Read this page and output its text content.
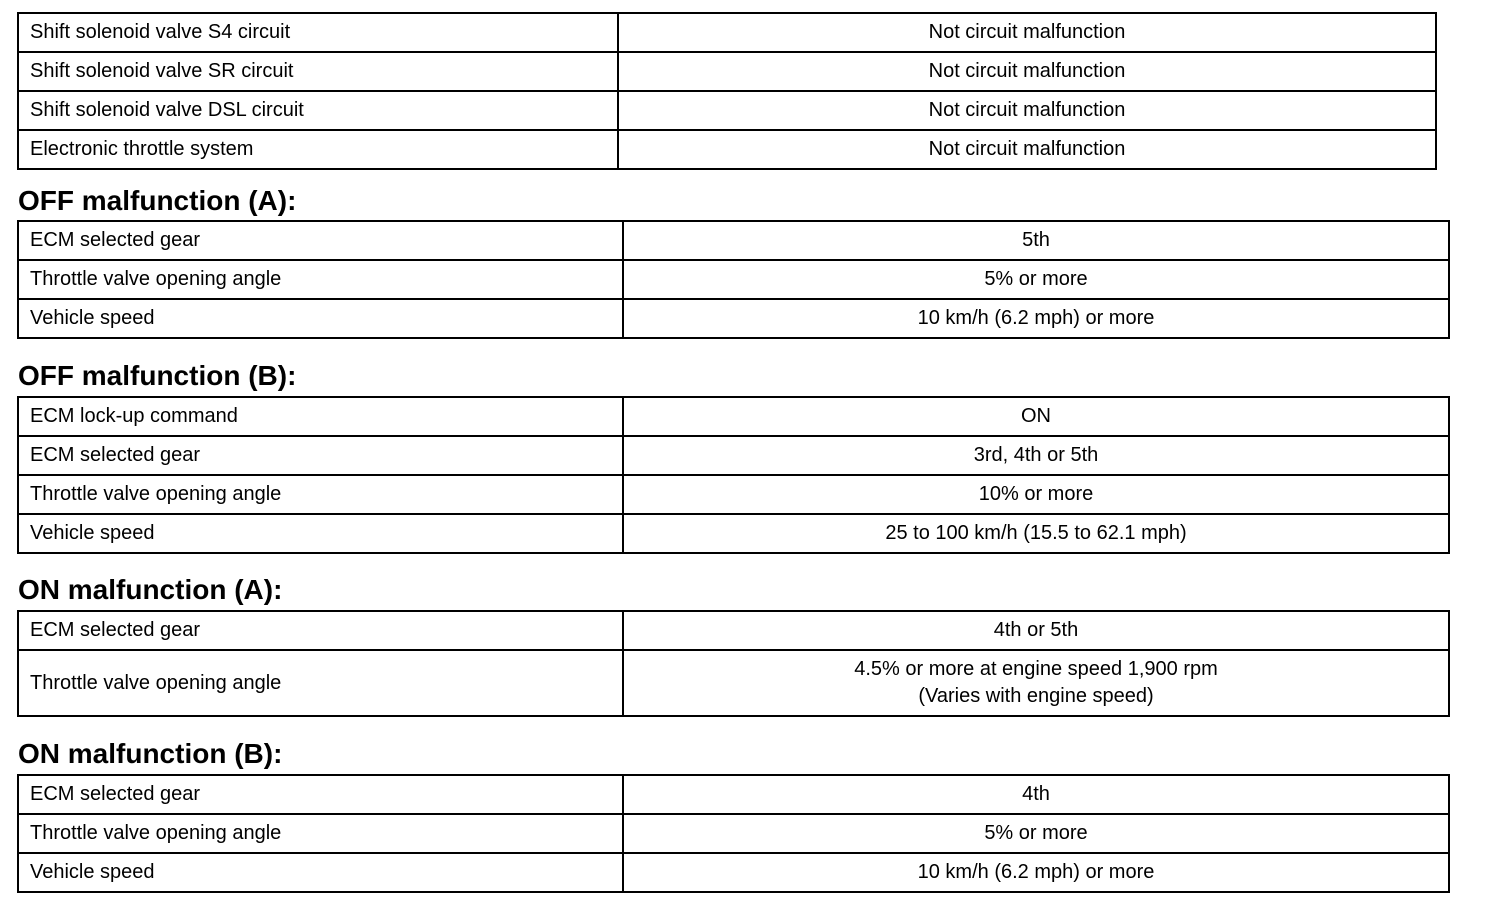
Shift solenoid valve S4 circuit	Not circuit malfunction
Shift solenoid valve SR circuit	Not circuit malfunction
Shift solenoid valve DSL circuit	Not circuit malfunction
Electronic throttle system	Not circuit malfunction
OFF malfunction (A):
ECM selected gear	5th
Throttle valve opening angle	5% or more
Vehicle speed	10 km/h (6.2 mph) or more
OFF malfunction (B):
ECM lock-up command	ON
ECM selected gear	3rd, 4th or 5th
Throttle valve opening angle	10% or more
Vehicle speed	25 to 100 km/h (15.5 to 62.1 mph)
ON malfunction (A):
ECM selected gear	4th or 5th
Throttle valve opening angle	4.5% or more at engine speed 1,900 rpm
(Varies with engine speed)
ON malfunction (B):
ECM selected gear	4th
Throttle valve opening angle	5% or more
Vehicle speed	10 km/h (6.2 mph) or more
